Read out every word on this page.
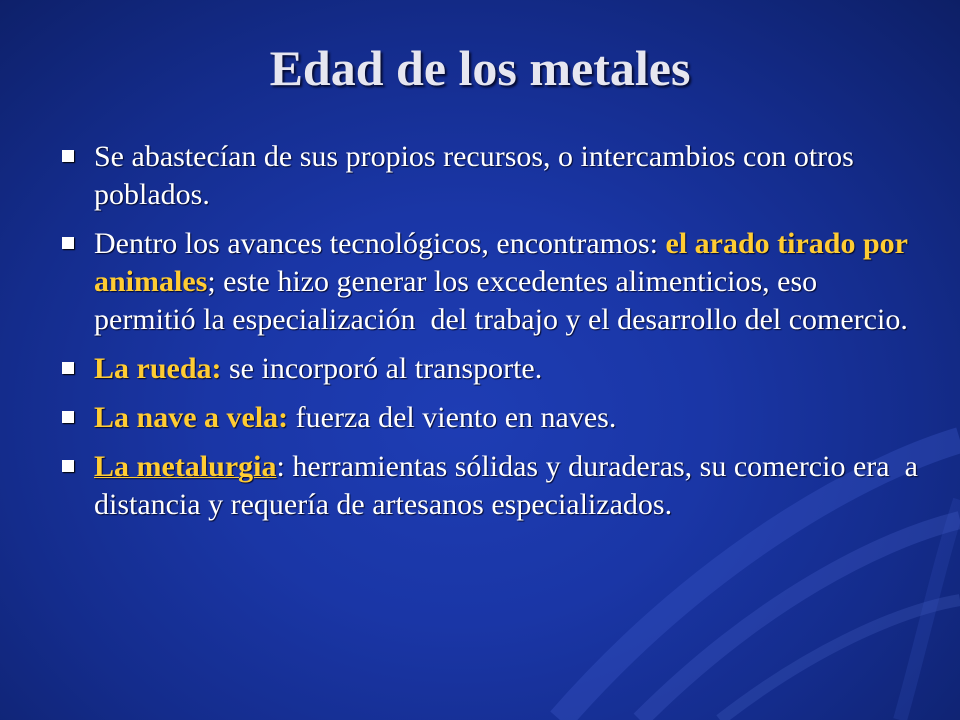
Edad de los metales
Se abastecían de sus propios recursos, o intercambios con otros poblados.
Dentro los avances tecnológicos, encontramos: el arado tirado por animales; este hizo generar los excedentes alimenticios, eso permitió la especialización  del trabajo y el desarrollo del comercio.
La rueda: se incorporó al transporte.
La nave a vela: fuerza del viento en naves.
La metalurgia: herramientas sólidas y duraderas, su comercio era  a distancia y requería de artesanos especializados.
